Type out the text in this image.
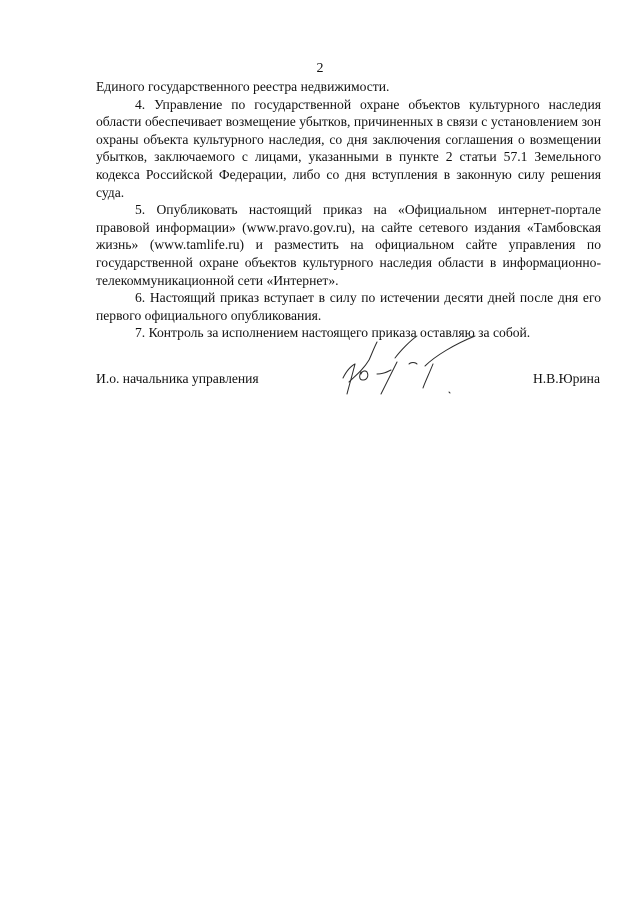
2

Единого государственного реестра недвижимости.

4. Управление по государственной охране объектов культурного наследия области обеспечивает возмещение убытков, причиненных в связи с установлением зон охраны объекта культурного наследия, со дня заключения соглашения о возмещении убытков, заключаемого с лицами, указанными в пункте 2 статьи 57.1 Земельного кодекса Российской Федерации, либо со дня вступления в законную силу решения суда.

5. Опубликовать настоящий приказ на «Официальном интернет-портале правовой информации» (www.pravo.gov.ru), на сайте сетевого издания «Тамбовская жизнь» (www.tamlife.ru) и разместить на официальном сайте управления по государственной охране объектов культурного наследия области в информационно-телекоммуникационной сети «Интернет».

6. Настоящий приказ вступает в силу по истечении десяти дней после дня его первого официального опубликования.

7. Контроль за исполнением настоящего приказа оставляю за собой.

И.о. начальника управления	Н.В.Юрина
